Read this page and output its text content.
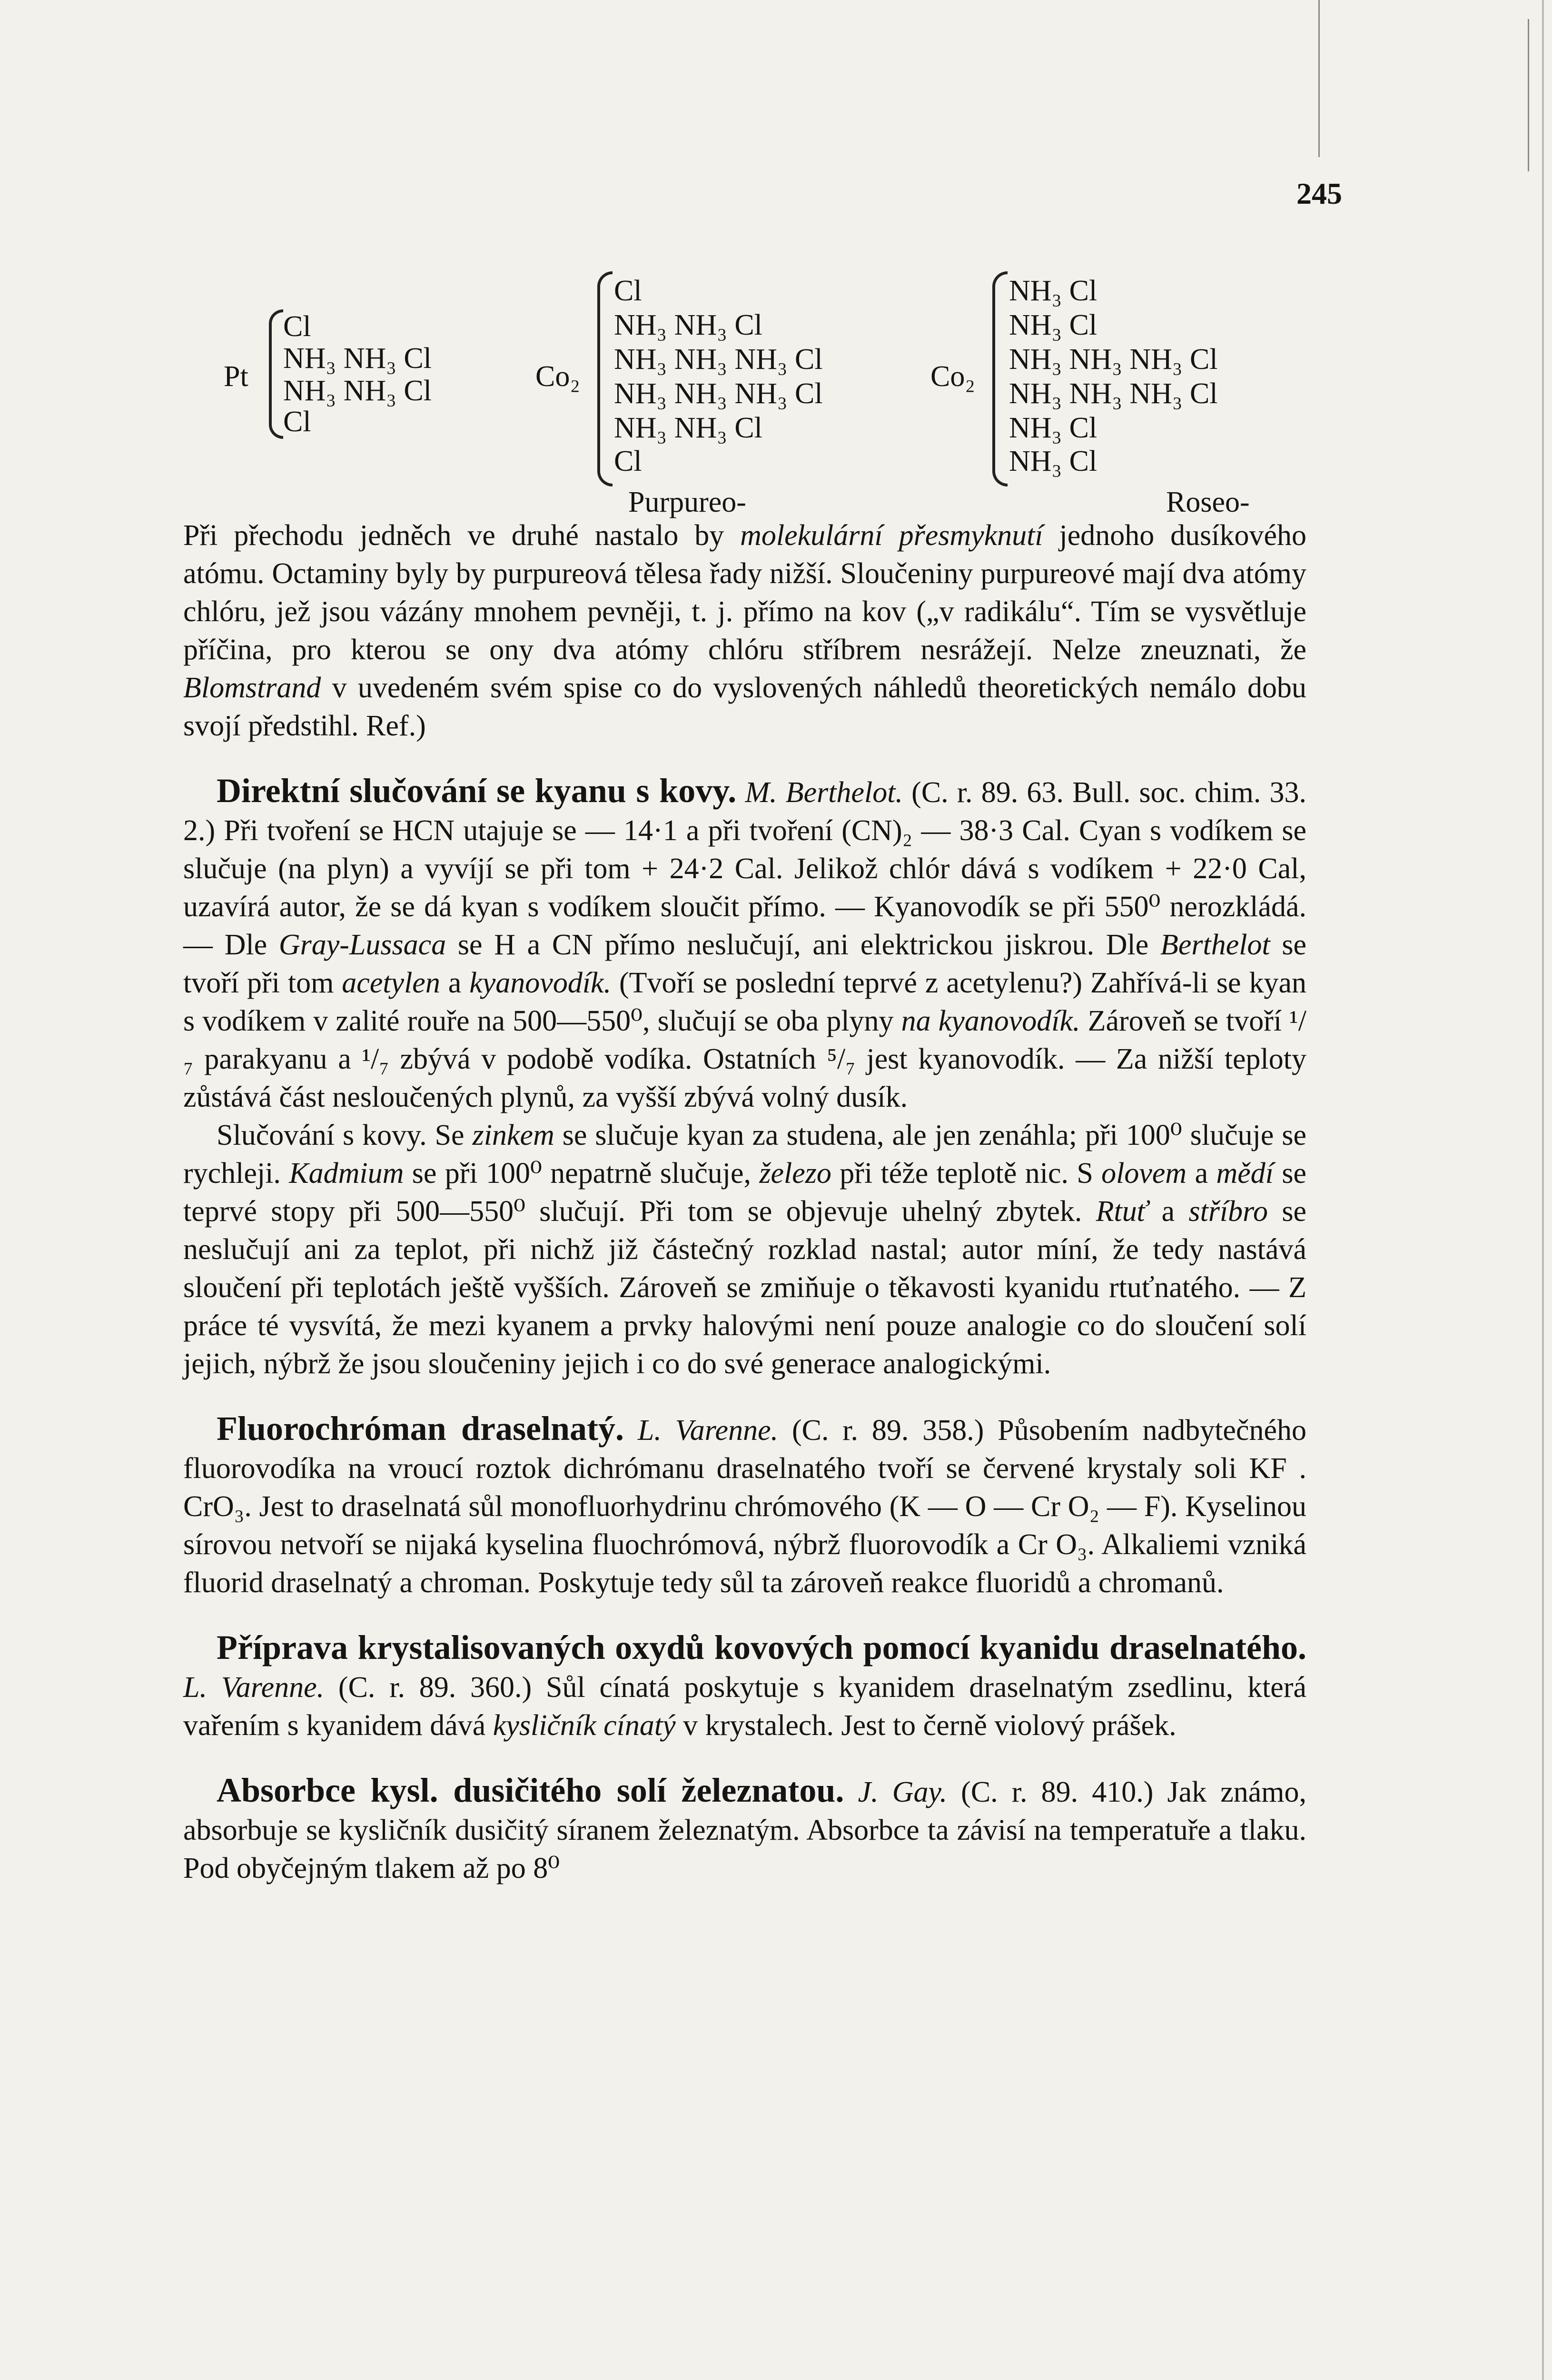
245
Pt
Cl
NH₃ NH₃ Cl
NH₃ NH₃ Cl
Cl
Co₂
Cl
NH₃ NH₃ Cl
NH₃ NH₃ NH₃ Cl
NH₃ NH₃ NH₃ Cl
NH₃ NH₃ Cl
Cl
Purpureo-
Co₂
NH₃ Cl
NH₃ Cl
NH₃ NH₃ NH₃ Cl
NH₃ NH₃ NH₃ Cl
NH₃ Cl
NH₃ Cl
Roseo-

Při přechodu jedněch ve druhé nastalo by molekulární přesmyknutí jednoho dusíkového atómu. Octaminy byly by purpureová tělesa řady nižší. Sloučeniny purpureové mají dva atómy chlóru, jež jsou vázány mnohem pevněji, t. j. přímo na kov („v radikálu“. Tím se vysvětluje příčina, pro kterou se ony dva atómy chlóru stříbrem nesrážejí. Nelze zneuznati, že Blomstrand v uvedeném svém spise co do vyslovených náhledů theoretických nemálo dobu svojí předstihl. Ref.)

Direktní slučování se kyanu s kovy. M. Berthelot. (C. r. 89. 63. Bull. soc. chim. 33. 2.) Při tvoření se HCN utajuje se — 14·1 a při tvoření (CN)₂ — 38·3 Cal. Cyan s vodíkem se slučuje (na plyn) a vyvíjí se při tom + 24·2 Cal. Jelikož chlór dává s vodíkem + 22·0 Cal, uzavírá autor, že se dá kyan s vodíkem sloučit přímo. — Kyanovodík se při 550⁰ nerozkládá. — Dle Gray-Lussaca se H a CN přímo neslučují, ani elektrickou jiskrou. Dle Berthelot se tvoří při tom acetylen a kyanovodík. (Tvoří se poslední teprvé z acetylenu?) Zahřívá-li se kyan s vodíkem v zalité rouře na 500—550⁰, slučují se oba plyny na kyanovodík. Zároveň se tvoří ¹/₇ parakyanu a ¹/₇ zbývá v podobě vodíka. Ostatních ⁵/₇ jest kyanovodík. — Za nižší teploty zůstává část nesloučených plynů, za vyšší zbývá volný dusík.

Slučování s kovy. Se zinkem se slučuje kyan za studena, ale jen zenáhla; při 100⁰ slučuje se rychleji. Kadmium se při 100⁰ nepatrně slučuje, železo při téže teplotě nic. S olovem a mědí se teprvé stopy při 500—550⁰ slučují. Při tom se objevuje uhelný zbytek. Rtuť a stříbro se neslučují ani za teplot, při nichž již částečný rozklad nastal; autor míní, že tedy nastává sloučení při teplotách ještě vyšších. Zároveň se zmiňuje o těkavosti kyanidu rtuťnatého. — Z práce té vysvítá, že mezi kyanem a prvky halovými není pouze analogie co do sloučení solí jejich, nýbrž že jsou sloučeniny jejich i co do své generace analogickými.

Fluorochróman draselnatý. L. Varenne. (C. r. 89. 358.) Působením nadbytečného fluorovodíka na vroucí roztok dichrómanu draselnatého tvoří se červené krystaly soli KF . CrO₃. Jest to draselnatá sůl monofluorhydrinu chrómového (K — O — Cr O₂ — F). Kyselinou sírovou netvoří se nijaká kyselina fluochrómová, nýbrž fluorovodík a Cr O₃. Alkaliemi vzniká fluorid draselnatý a chroman. Poskytuje tedy sůl ta zároveň reakce fluoridů a chromanů.

Příprava krystalisovaných oxydů kovových pomocí kyanidu draselnatého. L. Varenne. (C. r. 89. 360.) Sůl cínatá poskytuje s kyanidem draselnatým zsedlinu, která vařením s kyanidem dává kysličník cínatý v krystalech. Jest to černě violový prášek.

Absorbce kysl. dusičitého solí železnatou. J. Gay. (C. r. 89. 410.) Jak známo, absorbuje se kysličník dusičitý síranem železnatým. Absorbce ta závisí na temperatuře a tlaku. Pod obyčejným tlakem až po 8⁰
